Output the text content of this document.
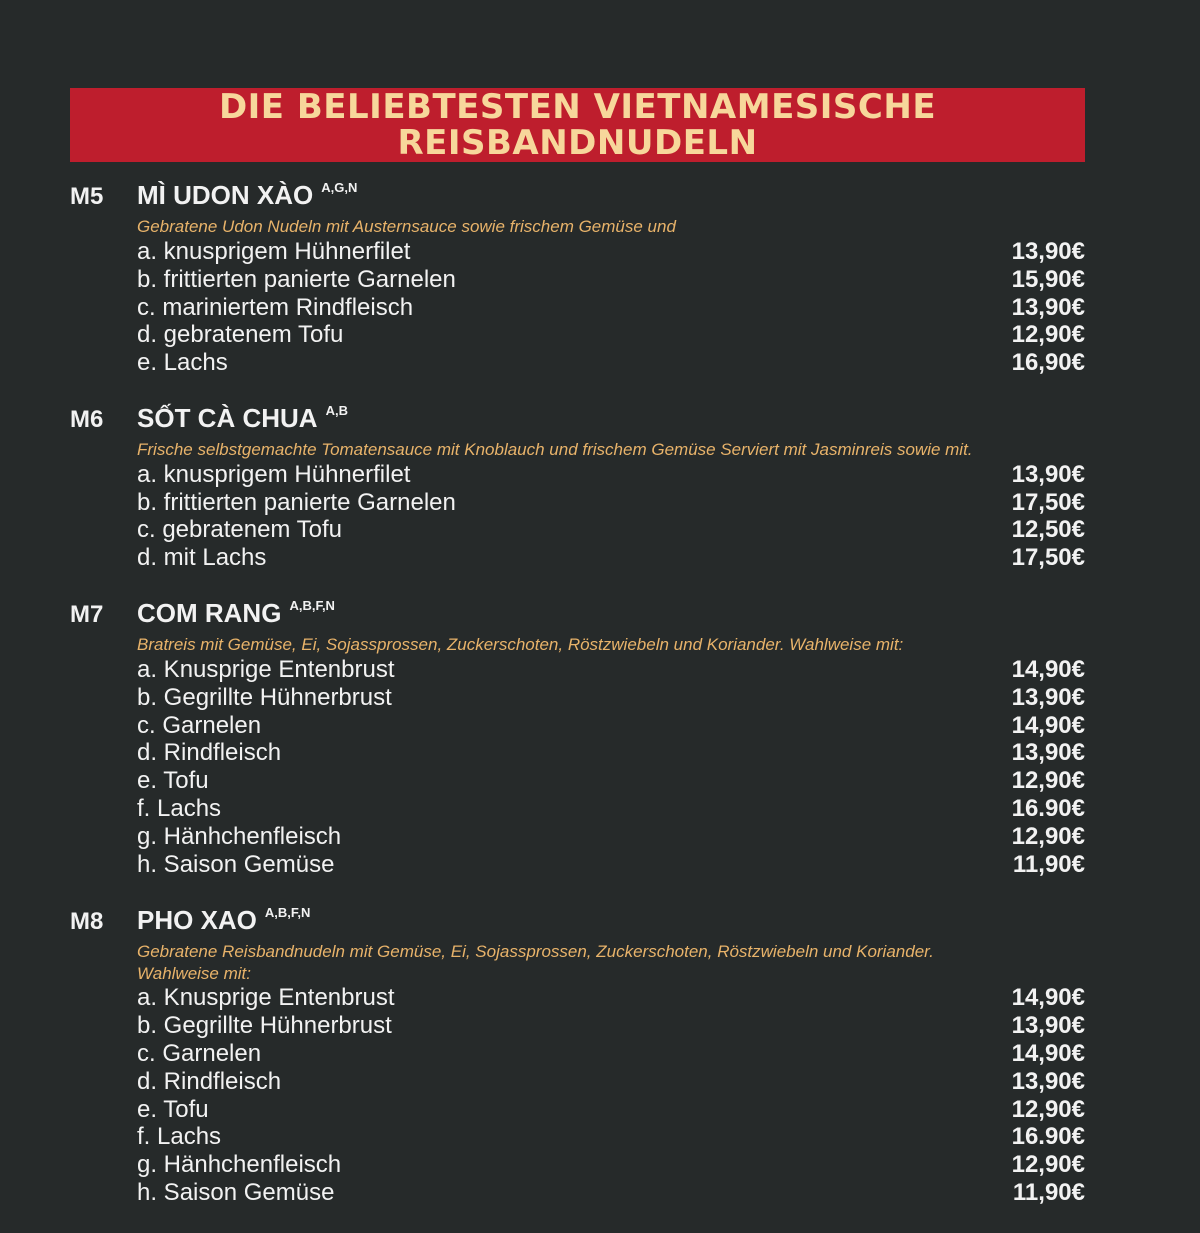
DIE BELIEBTESTEN VIETNAMESISCHE
REISBANDNUDELN
M5	MÌ UDON XÀO A,G,N
Gebratene Udon Nudeln mit Austernsauce sowie frischem Gemüse und
a. knusprigem Hühnerfilet	13,90€
b. frittierten panierte Garnelen	15,90€
c. mariniertem Rindfleisch	13,90€
d. gebratenem Tofu	12,90€
e. Lachs	16,90€
M6	SỐT CÀ CHUA A,B
Frische selbstgemachte Tomatensauce mit Knoblauch und frischem Gemüse Serviert mit Jasminreis sowie mit.
a. knusprigem Hühnerfilet	13,90€
b. frittierten panierte Garnelen	17,50€
c. gebratenem Tofu	12,50€
d. mit Lachs	17,50€
M7	COM RANG A,B,F,N
Bratreis mit Gemüse, Ei, Sojassprossen, Zuckerschoten, Röstzwiebeln und Koriander. Wahlweise mit:
a. Knusprige Entenbrust	14,90€
b. Gegrillte Hühnerbrust	13,90€
c. Garnelen	14,90€
d. Rindfleisch	13,90€
e. Tofu	12,90€
f. Lachs	16.90€
g. Hänhchenfleisch	12,90€
h. Saison Gemüse	11,90€
M8	PHO XAO A,B,F,N
Gebratene Reisbandnudeln mit Gemüse, Ei, Sojassprossen, Zuckerschoten, Röstzwiebeln und Koriander.
Wahlweise mit:
a. Knusprige Entenbrust	14,90€
b. Gegrillte Hühnerbrust	13,90€
c. Garnelen	14,90€
d. Rindfleisch	13,90€
e. Tofu	12,90€
f. Lachs	16.90€
g. Hänhchenfleisch	12,90€
h. Saison Gemüse	11,90€
